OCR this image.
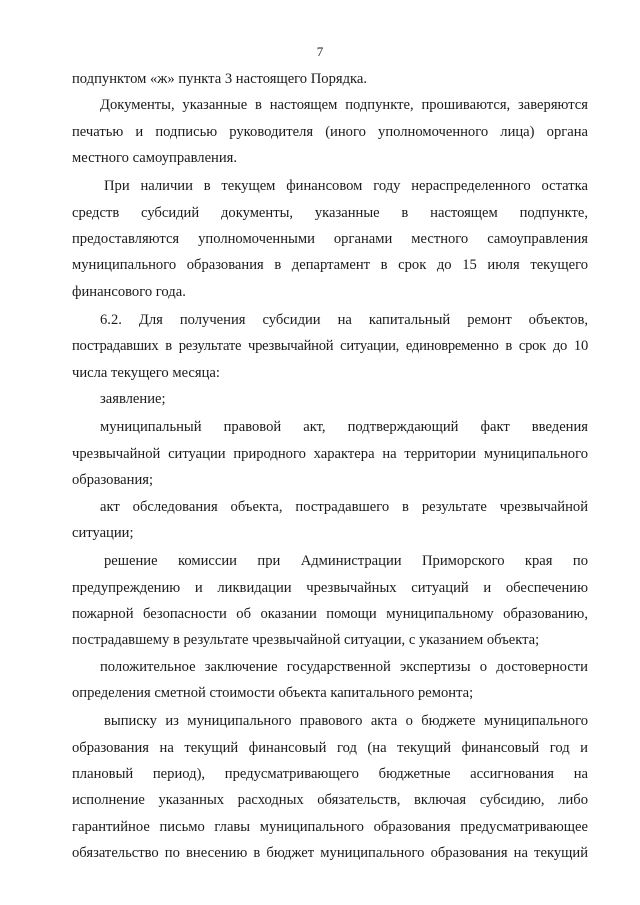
7
подпунктом «ж» пункта 3 настоящего Порядка.
Документы, указанные в настоящем подпункте, прошиваются, заверяются
печатью и подписью руководителя (иного уполномоченного лица) органа
местного самоуправления.
При наличии в текущем финансовом году нераспределенного остатка
средств субсидий документы, указанные в настоящем подпункте,
предоставляются уполномоченными органами местного самоуправления
муниципального образования в департамент в срок до 15 июля текущего
финансового года.
6.2. Для получения субсидии на капитальный ремонт объектов,
пострадавших в результате чрезвычайной ситуации, единовременно в срок до 10
числа текущего месяца:
заявление;
муниципальный правовой акт, подтверждающий факт введения
чрезвычайной ситуации природного характера на территории муниципального
образования;
акт обследования объекта, пострадавшего в результате чрезвычайной
ситуации;
решение комиссии при Администрации Приморского края по
предупреждению и ликвидации чрезвычайных ситуаций и обеспечению
пожарной безопасности об оказании помощи муниципальному образованию,
пострадавшему в результате чрезвычайной ситуации, с указанием объекта;
положительное заключение государственной экспертизы о достоверности
определения сметной стоимости объекта капитального ремонта;
выписку из муниципального правового акта о бюджете муниципального
образования на текущий финансовый год (на текущий финансовый год и
плановый период), предусматривающего бюджетные ассигнования на
исполнение указанных расходных обязательств, включая субсидию, либо
гарантийное письмо главы муниципального образования предусматривающее
обязательство по внесению в бюджет муниципального образования на текущий
